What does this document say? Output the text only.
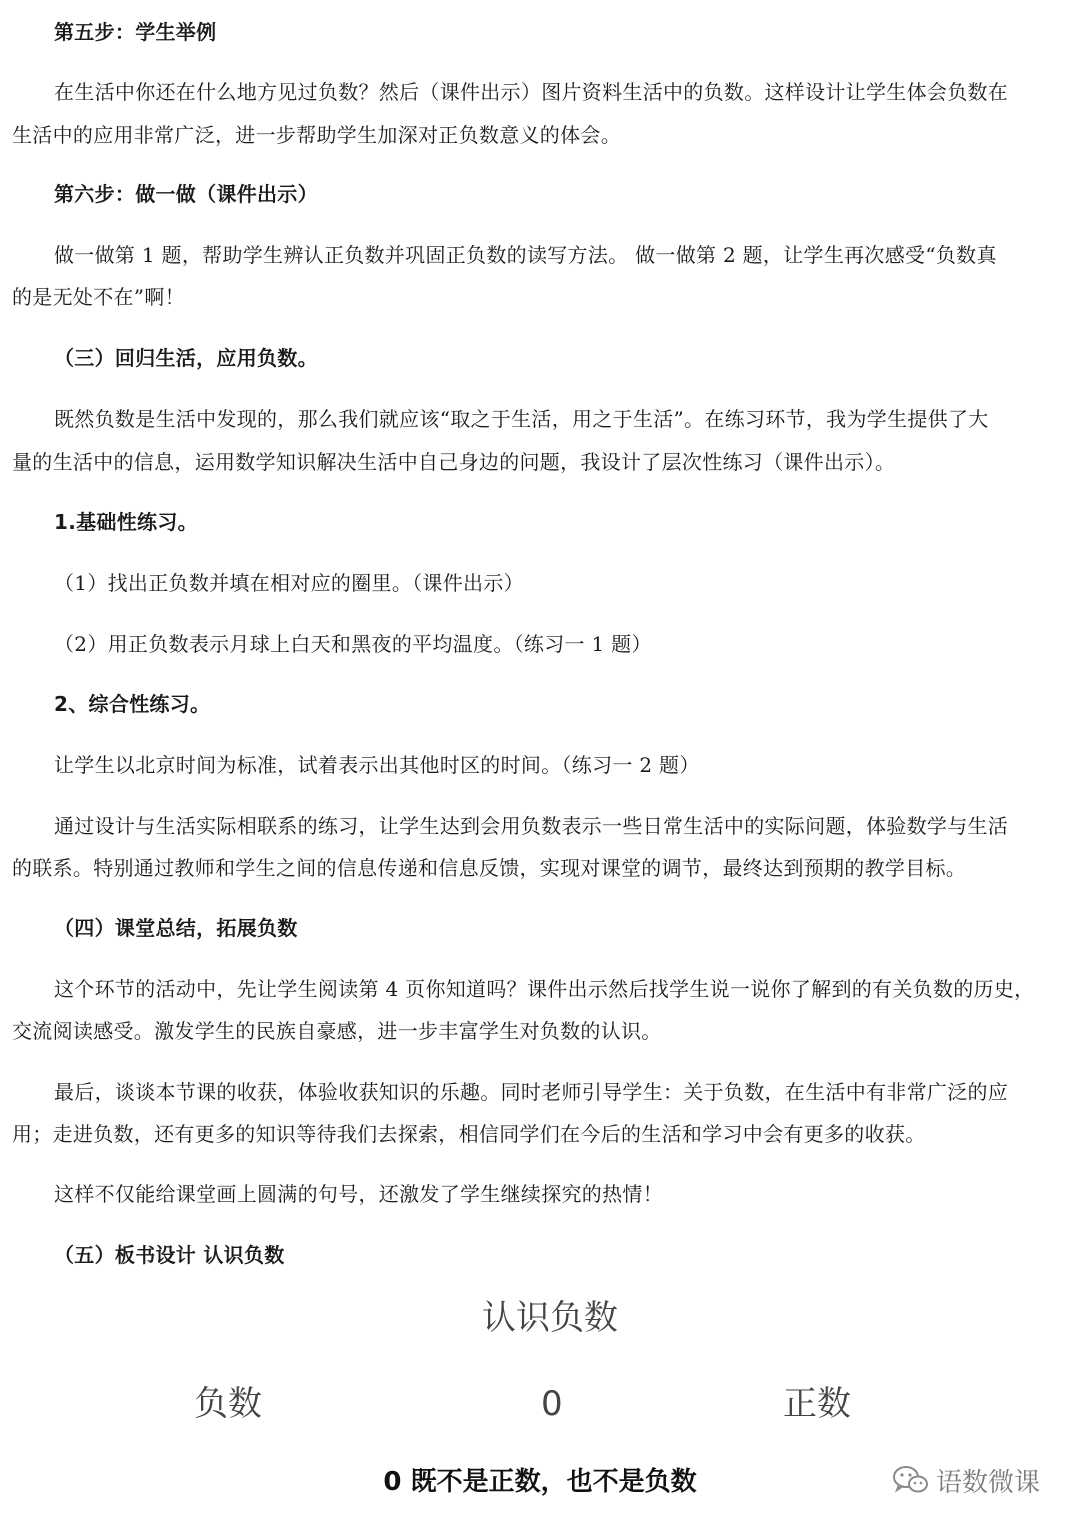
第五步：学生举例
在生活中你还在什么地方见过负数？然后（课件出示）图片资料生活中的负数。这样设计让学生体会负数在
生活中的应用非常广泛，进一步帮助学生加深对正负数意义的体会。
第六步：做一做（课件出示）
做一做第 1 题，帮助学生辨认正负数并巩固正负数的读写方法。 做一做第 2 题，让学生再次感受“负数真
的是无处不在”啊！
（三）回归生活，应用负数。
既然负数是生活中发现的，那么我们就应该“取之于生活，用之于生活”。在练习环节，我为学生提供了大
量的生活中的信息，运用数学知识解决生活中自己身边的问题，我设计了层次性练习（课件出示）。
1.基础性练习。
（1）找出正负数并填在相对应的圈里。（课件出示）
（2）用正负数表示月球上白天和黑夜的平均温度。（练习一 1 题）
2、综合性练习。
让学生以北京时间为标准，试着表示出其他时区的时间。（练习一 2 题）
通过设计与生活实际相联系的练习，让学生达到会用负数表示一些日常生活中的实际问题，体验数学与生活
的联系。特别通过教师和学生之间的信息传递和信息反馈，实现对课堂的调节，最终达到预期的教学目标。
（四）课堂总结，拓展负数
这个环节的活动中，先让学生阅读第 4 页你知道吗？课件出示然后找学生说一说你了解到的有关负数的历史，
交流阅读感受。激发学生的民族自豪感，进一步丰富学生对负数的认识。
最后，谈谈本节课的收获，体验收获知识的乐趣。同时老师引导学生：关于负数，在生活中有非常广泛的应
用；走进负数，还有更多的知识等待我们去探索，相信同学们在今后的生活和学习中会有更多的收获。
这样不仅能给课堂画上圆满的句号，还激发了学生继续探究的热情！
（五）板书设计 认识负数
认识负数
负数	0	正数
0 既不是正数，也不是负数	语数微课
